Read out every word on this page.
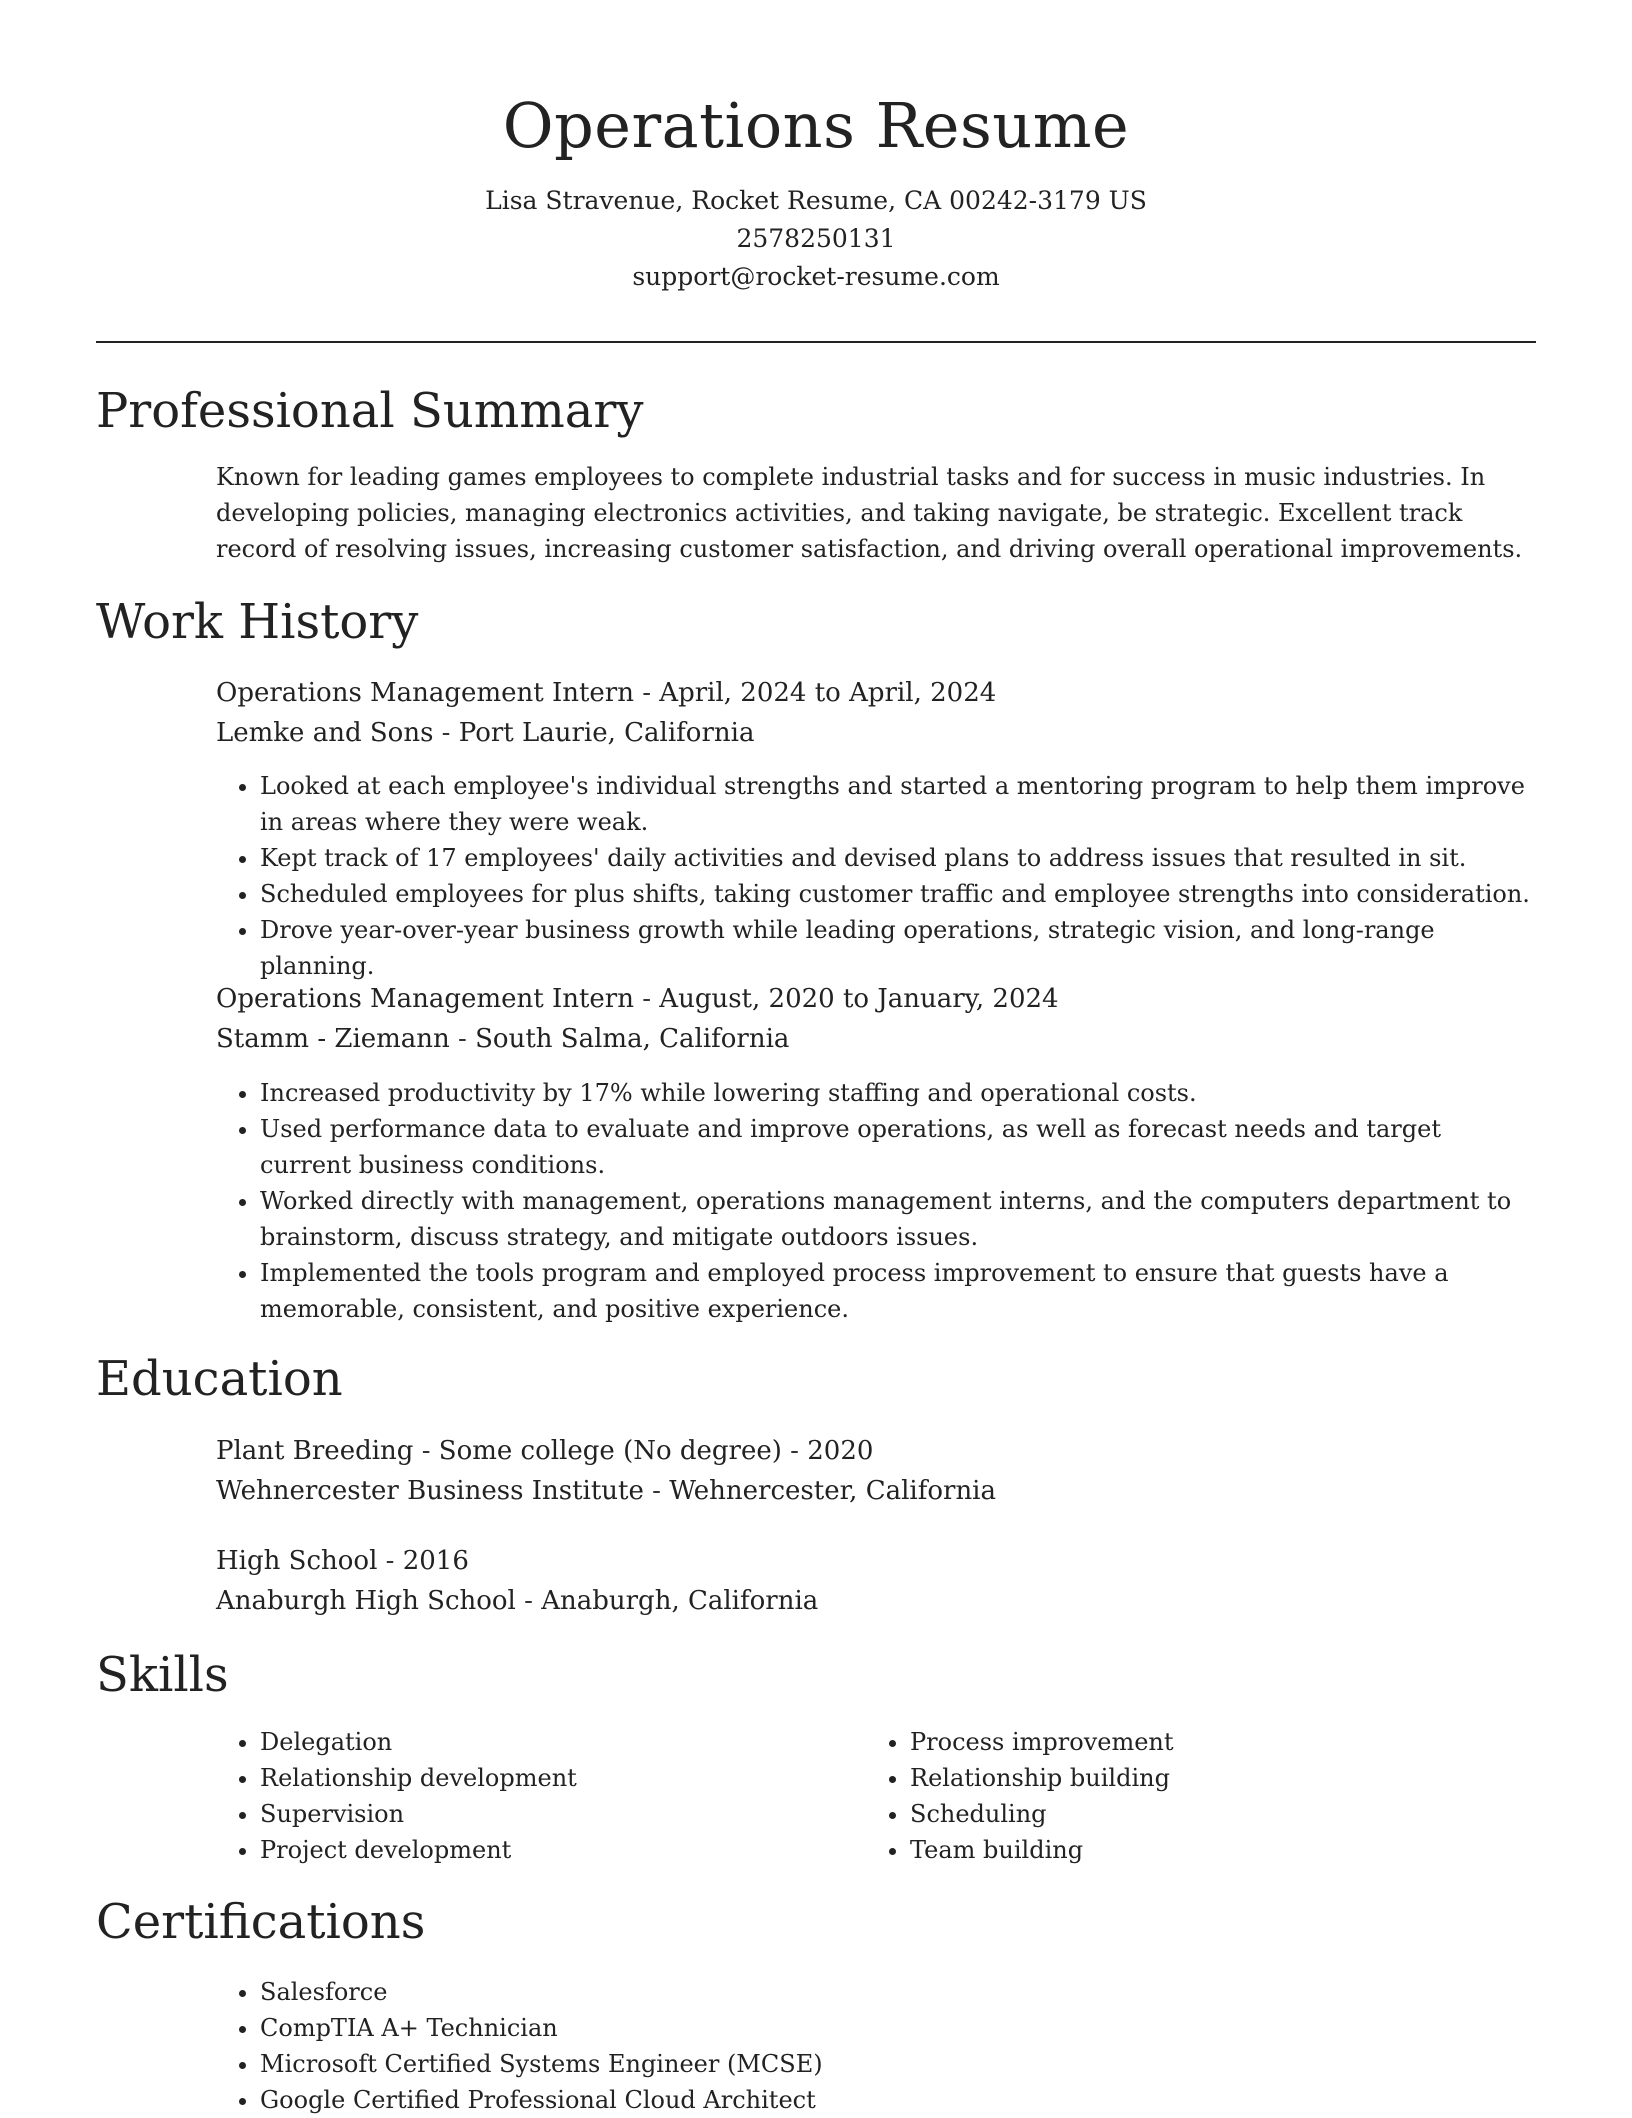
Operations Resume
Lisa Stravenue, Rocket Resume, CA 00242-3179 US
2578250131
support@rocket-resume.com
Professional Summary

Known for leading games employees to complete industrial tasks and for success in music industries. In developing policies, managing electronics activities, and taking navigate, be strategic. Excellent track record of resolving issues, increasing customer satisfaction, and driving overall operational improvements.

Work History

Operations Management Intern - April, 2024 to April, 2024

Lemke and Sons - Port Laurie, California

• Looked at each employee's individual strengths and started a mentoring program to help them improve in areas where they were weak.
• Kept track of 17 employees' daily activities and devised plans to address issues that resulted in sit.
• Scheduled employees for plus shifts, taking customer traffic and employee strengths into consideration.
• Drove year-over-year business growth while leading operations, strategic vision, and long-range planning.

Operations Management Intern - August, 2020 to January, 2024

Stamm - Ziemann - South Salma, California

• Increased productivity by 17% while lowering staffing and operational costs.
• Used performance data to evaluate and improve operations, as well as forecast needs and target current business conditions.
• Worked directly with management, operations management interns, and the computers department to brainstorm, discuss strategy, and mitigate outdoors issues.
• Implemented the tools program and employed process improvement to ensure that guests have a memorable, consistent, and positive experience.
Education

Plant Breeding - Some college (No degree) - 2020

Wehnercester Business Institute - Wehnercester, California

High School - 2016

Anaburgh High School - Anaburgh, California

Skills
• Delegation
• Relationship development
• Supervision
• Project development
• Process improvement
• Relationship building
• Scheduling
• Team building
Certifications
• Salesforce
• CompTIA A+ Technician
• Microsoft Certified Systems Engineer (MCSE)
• Google Certified Professional Cloud Architect
